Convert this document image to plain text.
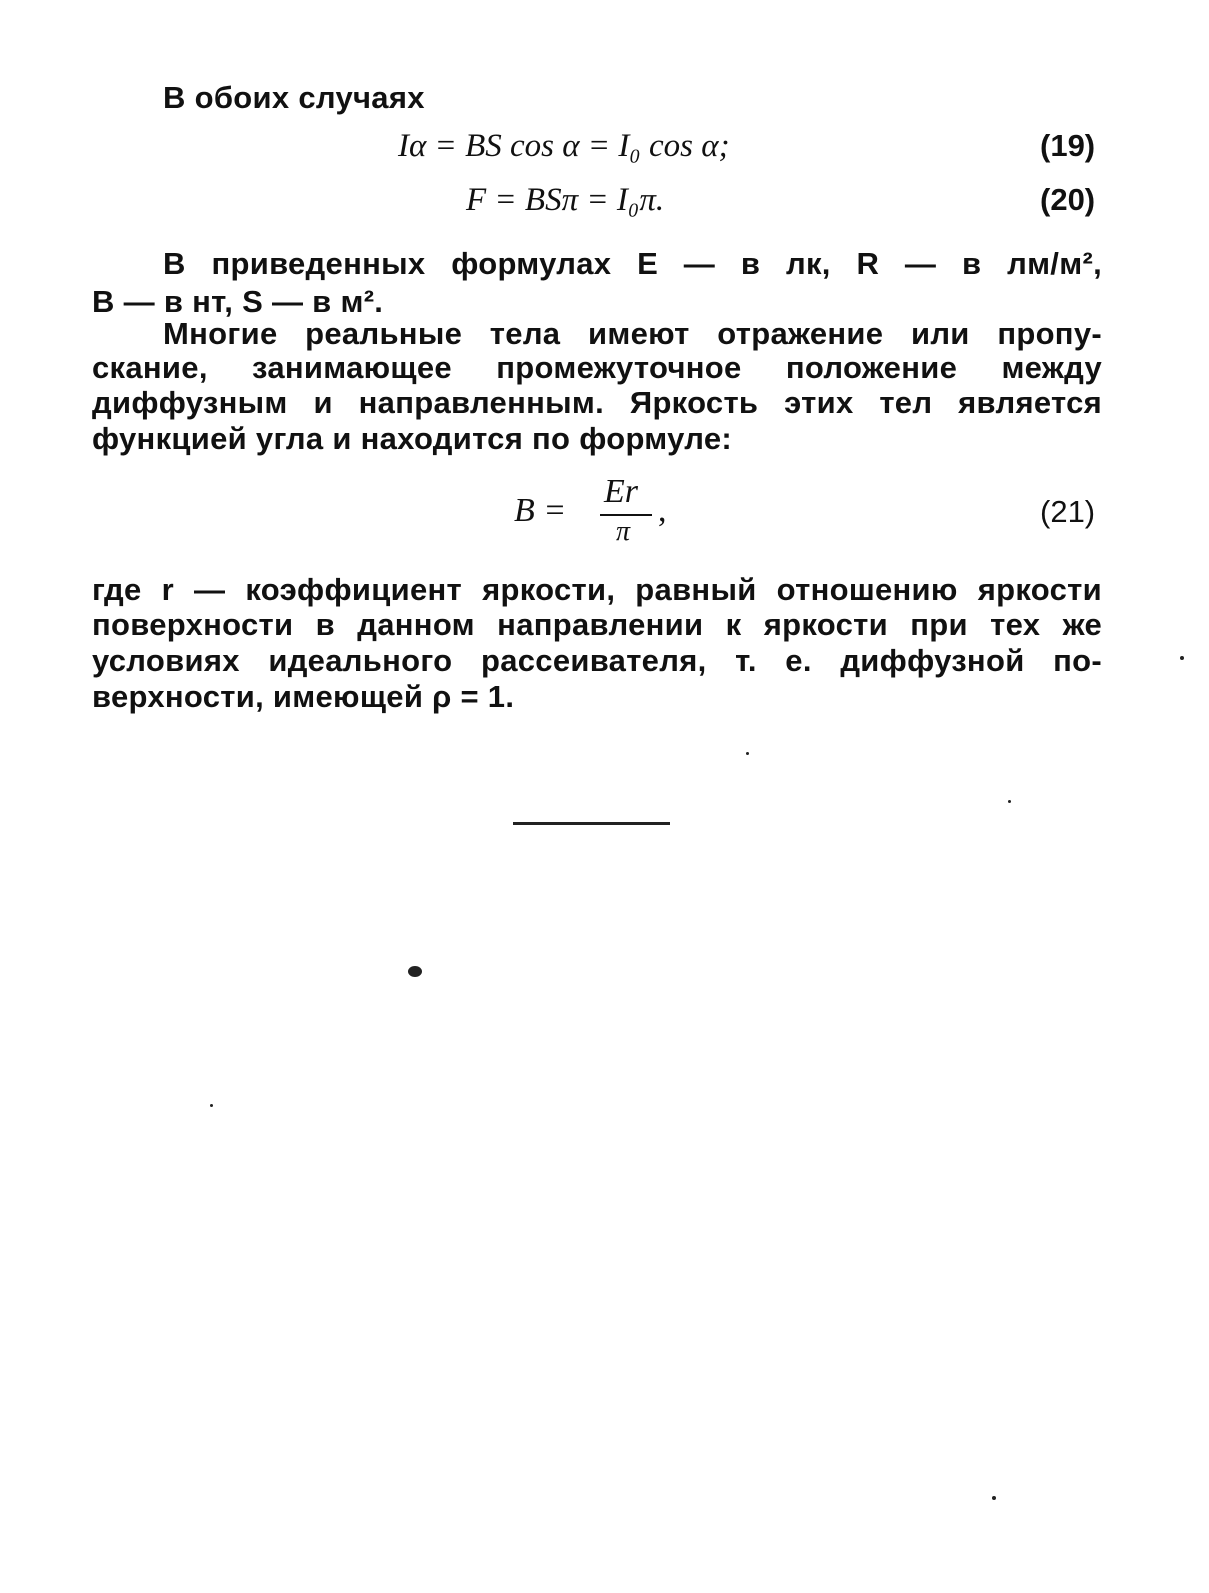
В обоих случаях
Iα = BS cos α = I₀ cos α;	(19)
F = BSπ = I₀π.	(20)
В приведенных формулах E — в лк, R — в лм/м²,
B — в нт, S — в м².
Многие реальные тела имеют отражение или пропу-
скание, занимающее промежуточное положение между
диффузным и направленным. Яркость этих тел является
функцией угла и находится по формуле:
B =
Er
π
,	(21)
где r — коэффициент яркости, равный отношению яркости
поверхности в данном направлении к яркости при тех же
условиях идеального рассеивателя, т. е. диффузной по-
верхности, имеющей ρ = 1.
